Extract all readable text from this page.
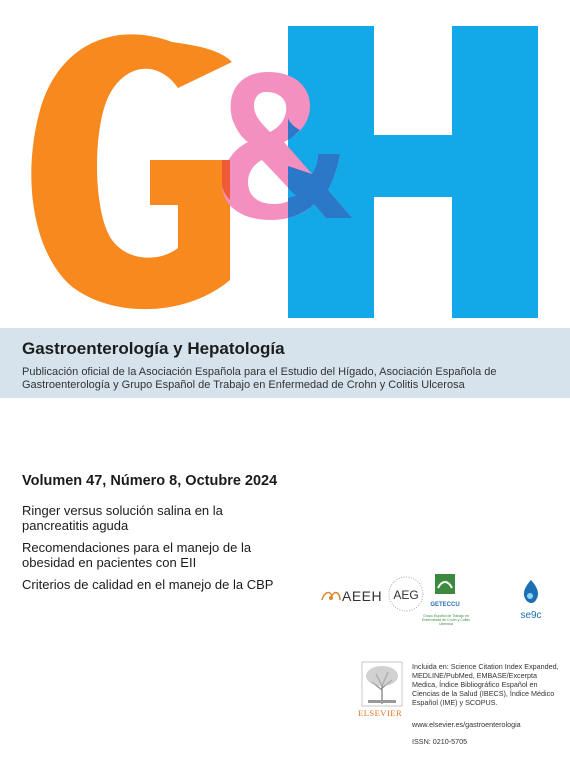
Gastroenterología y Hepatología
Publicación oficial de la Asociación Española para el Estudio del Hígado, Asociación Española de Gastroenterología y Grupo Español de Trabajo en Enfermedad de Crohn y Colitis Ulcerosa
Volumen 47, Número 8, Octubre 2024
Ringer versus solución salina en la pancreatitis aguda
Recomendaciones para el manejo de la obesidad en pacientes con EII
Criterios de calidad en el manejo de la CBP
AEEH AEG
GETECCU
Grupo Español de Trabajo en Enfermedad de Crohn y Colitis Ulcerosa
se9c
ELSEVIER
Incluida en: Science Citation Index Expanded, MEDLINE/PubMed, EMBASE/Excerpta Medica, Índice Bibliográfico Español en Ciencias de la Salud (IBECS), Índice Médico Español (IME) y SCOPUS.
www.elsevier.es/gastroenterologia
ISSN: 0210-5705
